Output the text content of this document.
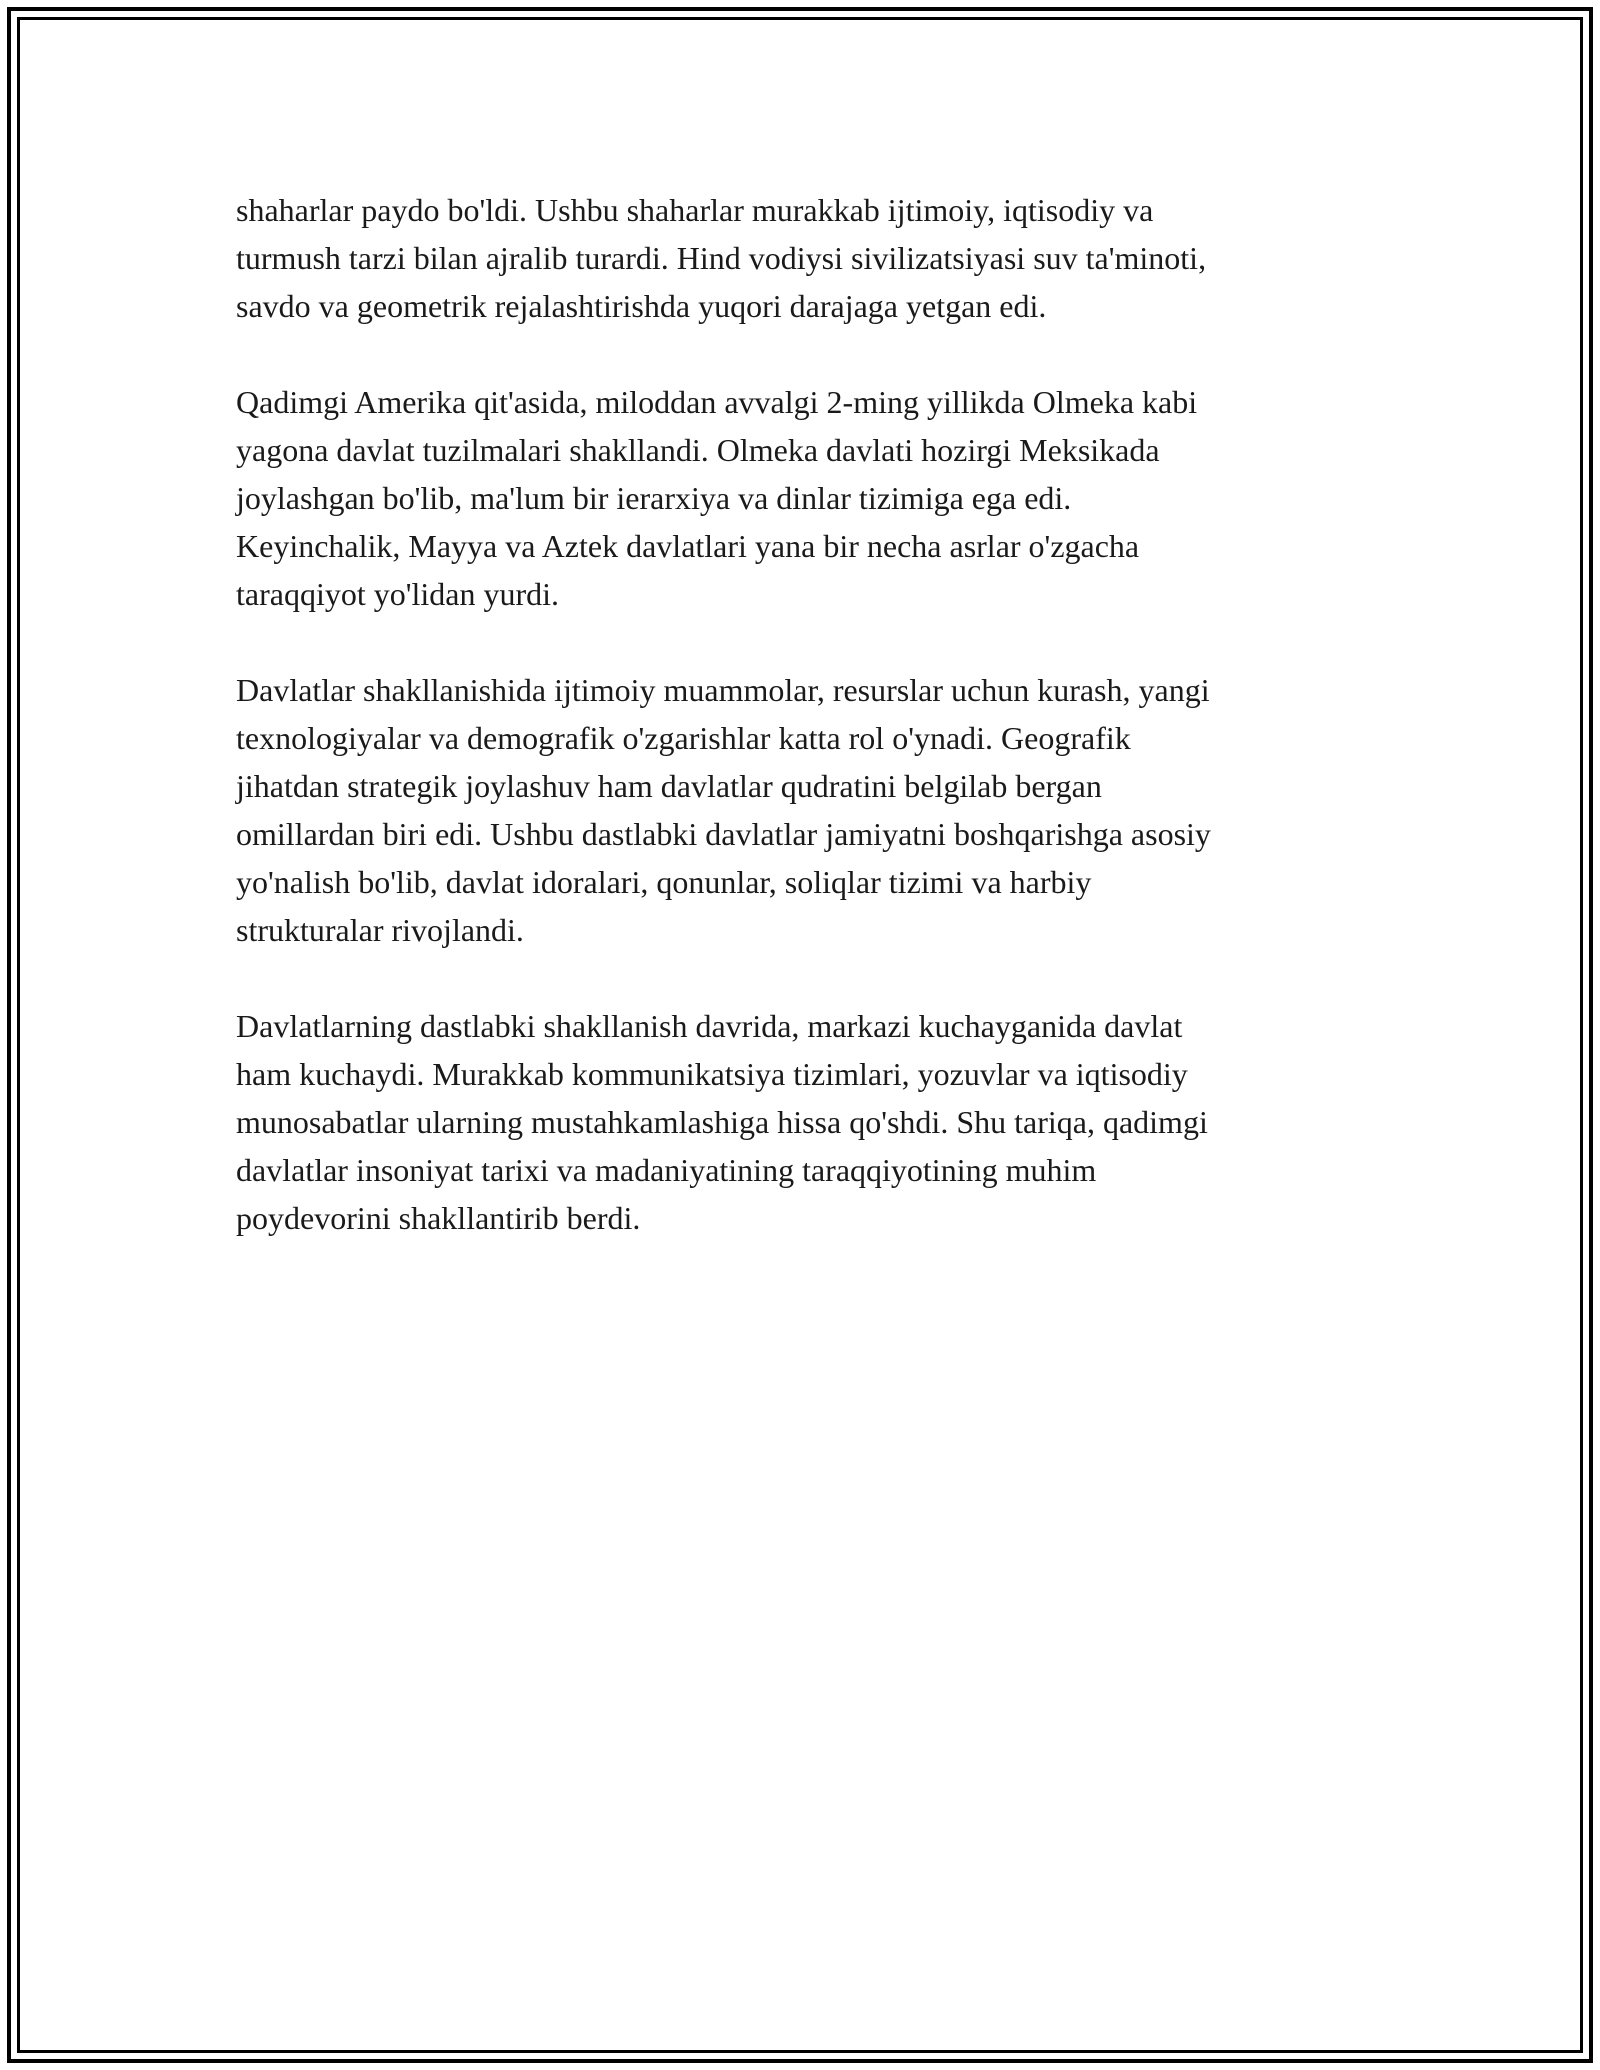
shaharlar paydo bo'ldi. Ushbu shaharlar murakkab ijtimoiy, iqtisodiy va
turmush tarzi bilan ajralib turardi. Hind vodiysi sivilizatsiyasi suv ta'minoti,
savdo va geometrik rejalashtirishda yuqori darajaga yetgan edi.

Qadimgi Amerika qit'asida, miloddan avvalgi 2-ming yillikda Olmeka kabi
yagona davlat tuzilmalari shakllandi. Olmeka davlati hozirgi Meksikada
joylashgan bo'lib, ma'lum bir ierarxiya va dinlar tizimiga ega edi.
Keyinchalik, Mayya va Aztek davlatlari yana bir necha asrlar o'zgacha
taraqqiyot yo'lidan yurdi.

Davlatlar shakllanishida ijtimoiy muammolar, resurslar uchun kurash, yangi
texnologiyalar va demografik o'zgarishlar katta rol o'ynadi. Geografik
jihatdan strategik joylashuv ham davlatlar qudratini belgilab bergan
omillardan biri edi. Ushbu dastlabki davlatlar jamiyatni boshqarishga asosiy
yo'nalish bo'lib, davlat idoralari, qonunlar, soliqlar tizimi va harbiy
strukturalar rivojlandi.

Davlatlarning dastlabki shakllanish davrida, markazi kuchayganida davlat
ham kuchaydi. Murakkab kommunikatsiya tizimlari, yozuvlar va iqtisodiy
munosabatlar ularning mustahkamlashiga hissa qo'shdi. Shu tariqa, qadimgi
davlatlar insoniyat tarixi va madaniyatining taraqqiyotining muhim
poydevorini shakllantirib berdi.
